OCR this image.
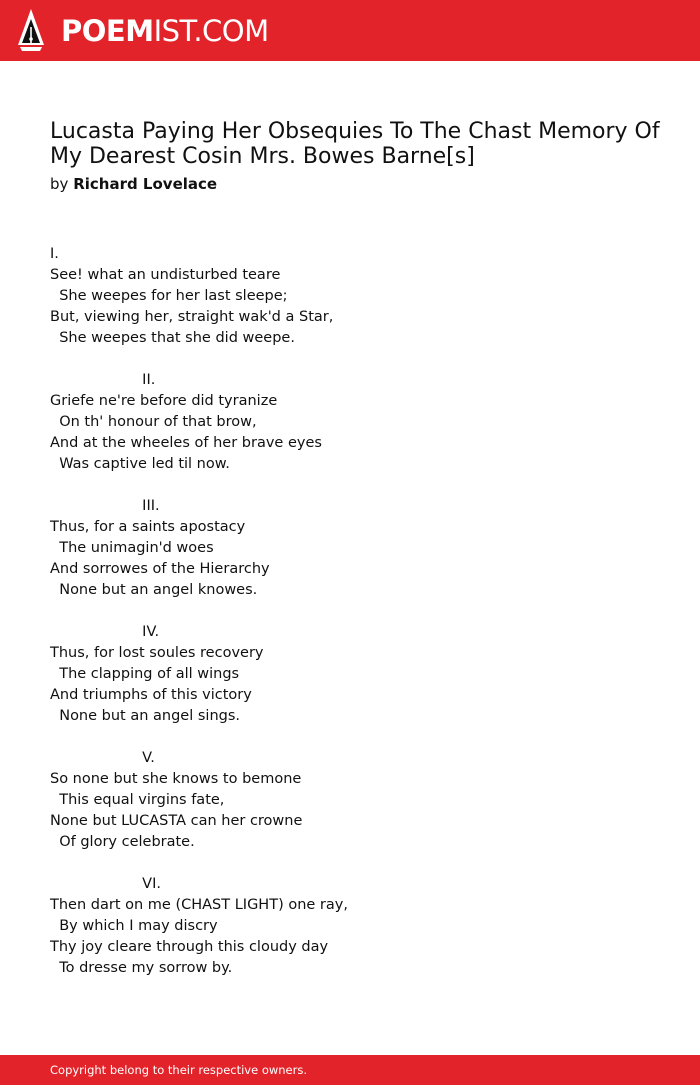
POEMIST.COM
Lucasta Paying Her Obsequies To The Chast Memory Of My Dearest Cosin Mrs. Bowes Barne[s]
by Richard Lovelace
I.
See! what an undisturbed teare
She weepes for her last sleepe;
But, viewing her, straight wak'd a Star,
She weepes that she did weepe.
II.
Griefe ne're before did tyranize
On th' honour of that brow,
And at the wheeles of her brave eyes
Was captive led til now.
III.
Thus, for a saints apostacy
The unimagin'd woes
And sorrowes of the Hierarchy
None but an angel knowes.
IV.
Thus, for lost soules recovery
The clapping of all wings
And triumphs of this victory
None but an angel sings.
V.
So none but she knows to bemone
This equal virgins fate,
None but LUCASTA can her crowne
Of glory celebrate.
VI.
Then dart on me (CHAST LIGHT) one ray,
By which I may discry
Thy joy cleare through this cloudy day
To dresse my sorrow by.
Copyright belong to their respective owners.
